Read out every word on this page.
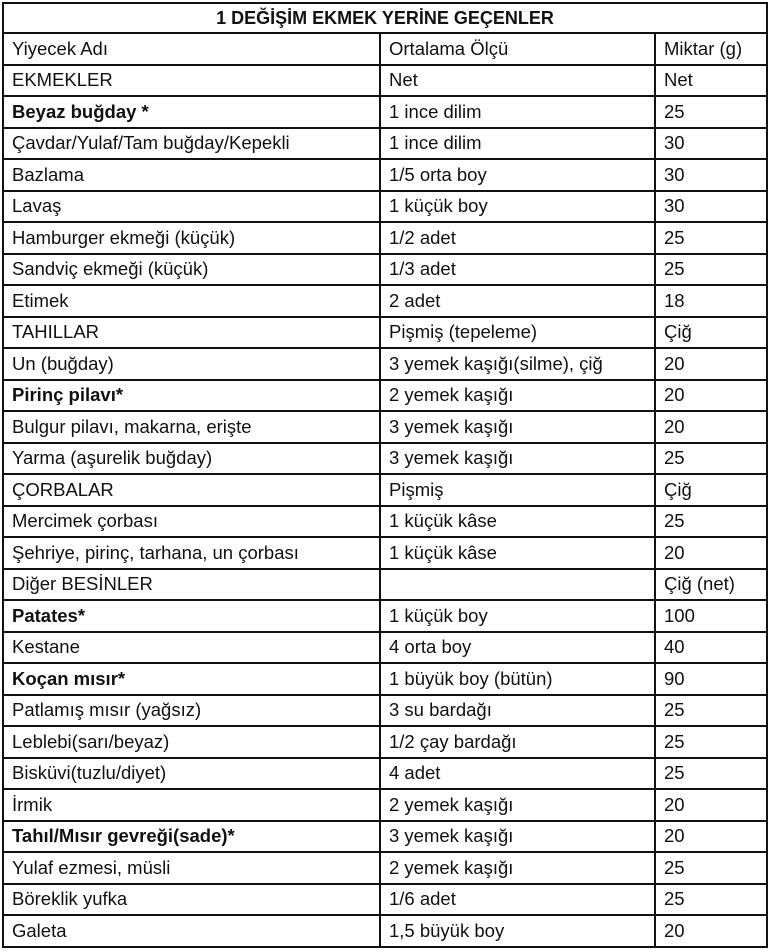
1 DEĞİŞİM EKMEK YERİNE GEÇENLER		
Yiyecek Adı	Ortalama Ölçü	Miktar (g)
EKMEKLER	Net	Net
Beyaz buğday *	1 ince dilim	25
Çavdar/Yulaf/Tam buğday/Kepekli	1 ince dilim	30
Bazlama	1/5 orta boy	30
Lavaş	1 küçük boy	30
Hamburger ekmeği (küçük)	1/2 adet	25
Sandviç ekmeği (küçük)	1/3 adet	25
Etimek	2 adet	18
TAHILLAR	Pişmiş (tepeleme)	Çiğ
Un (buğday)	3 yemek kaşığı(silme), çiğ	20
Pirinç pilavı*	2 yemek kaşığı	20
Bulgur pilavı, makarna, erişte	3 yemek kaşığı	20
Yarma (aşurelik buğday)	3 yemek kaşığı	25
ÇORBALAR	Pişmiş	Çiğ
Mercimek çorbası	1 küçük kâse	25
Şehriye, pirinç, tarhana, un çorbası	1 küçük kâse	20
Diğer BESİNLER		Çiğ (net)
Patates*	1 küçük boy	100
Kestane	4 orta boy	40
Koçan mısır*	1 büyük boy (bütün)	90
Patlamış mısır (yağsız)	3 su bardağı	25
Leblebi(sarı/beyaz)	1/2 çay bardağı	25
Bisküvi(tuzlu/diyet)	4 adet	25
İrmik	2 yemek kaşığı	20
Tahıl/Mısır gevreği(sade)*	3 yemek kaşığı	20
Yulaf ezmesi, müsli	2 yemek kaşığı	25
Böreklik yufka	1/6 adet	25
Galeta	1,5 büyük boy	20
